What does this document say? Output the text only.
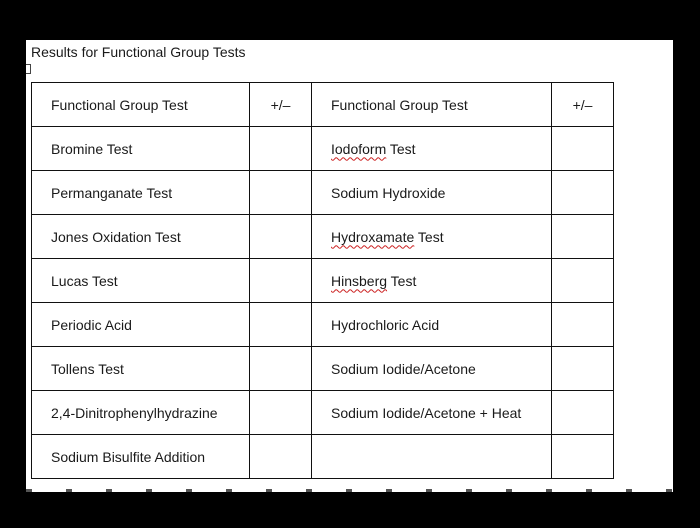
Results for Functional Group Tests
Functional Group Test	+/–	Functional Group Test	+/–
Bromine Test		Iodoform Test	
Permanganate Test		Sodium Hydroxide	
Jones Oxidation Test		Hydroxamate Test	
Lucas Test		Hinsberg Test	
Periodic Acid		Hydrochloric Acid	
Tollens Test		Sodium Iodide/Acetone	
2,4-Dinitrophenylhydrazine		Sodium Iodide/Acetone + Heat	
Sodium Bisulfite Addition			
